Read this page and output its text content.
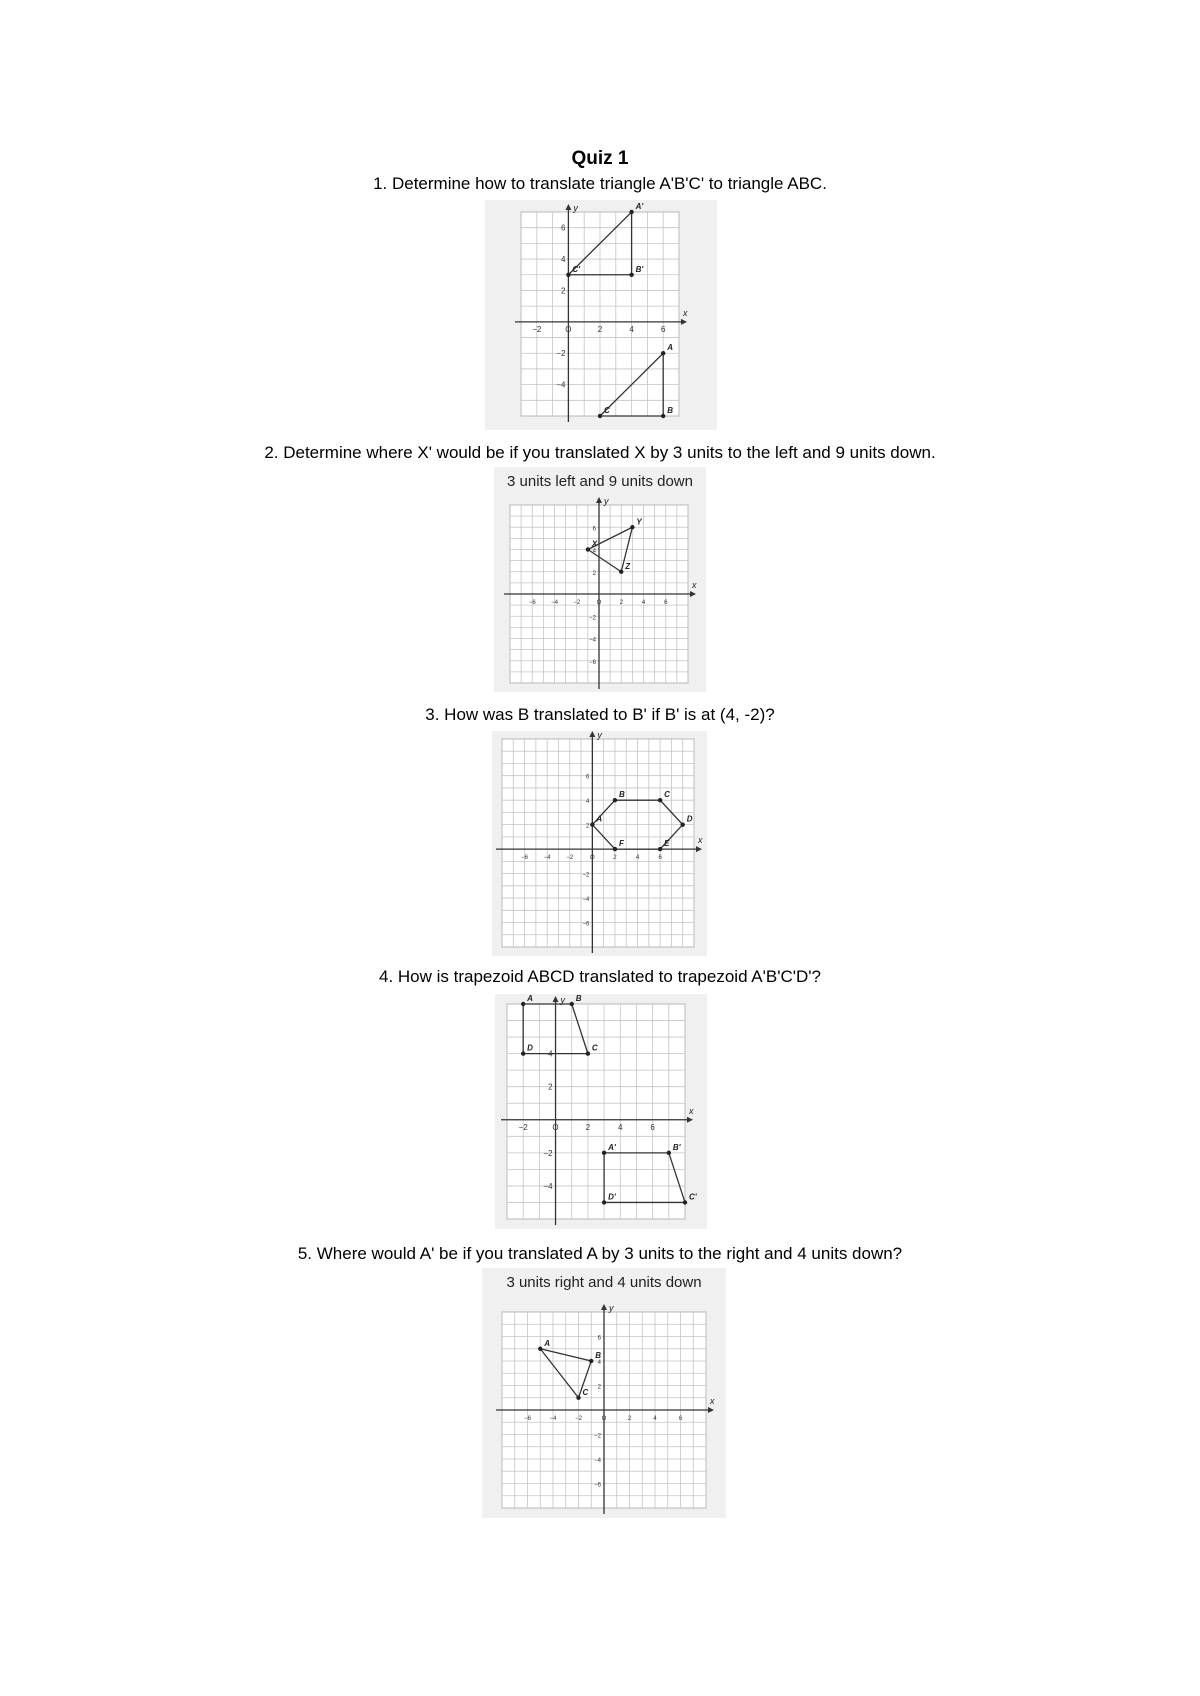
Quiz 1
1. Determine how to translate triangle A'B'C' to triangle ABC.
x
y
−2	O	2	4	6
6
4
2
−2
−4
C'
A'
B'
C
A
B
2. Determine where X' would be if you translated X by 3 units to the left and 9 units down.
3 units left and 9 units down
x
y
−6	−4	−2	O	2	4	6
6
4
2
−2
−4
−6
X
Y
Z
3. How was B translated to B' if B' is at (4, -2)?
x
y
−6	−4	−2	O	2	4	6
6
4
2
−2
−4
−6
A
B	C
D
E
F
4. How is trapezoid ABCD translated to trapezoid A'B'C'D'?
x
y
−2	O	2	4	6
4
2
−2
−4
A	B
C
D
A'	B'
C'
D'
5. Where would A' be if you translated A by 3 units to the right and 4 units down?
3 units right and 4 units down
x
y
−6	−4	−2	O	2	4	6
6
4
2
−2
−4
−6
A
B
C
